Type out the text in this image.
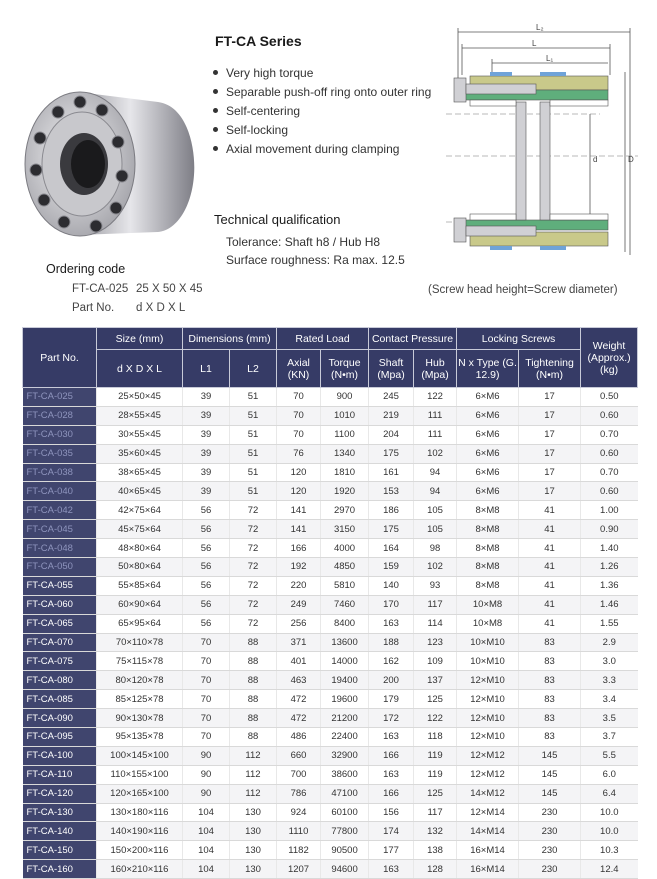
L₂
L
L₁
d	D
FT-CA Series
Very high torque
Separable push-off ring onto outer ring
Self-centering
Self-locking
Axial movement during clamping
Technical qualification
Tolerance: Shaft h8 / Hub H8
Surface roughness: Ra max. 12.5
Ordering code
FT-CA-025 25 X 50 X 45
Part No. d X D X L
(Screw head height=Screw diameter)
Part No.	Size (mm)	Dimensions (mm)		Rated Load		Contact Pressure		Locking Screws		Weight (Approx.) (kg)
	d X D X L	L1	L2	Axial (KN)	Torque (N•m)	Shaft (Mpa)	Hub (Mpa)	N x Type (G. 12.9)	Tightening (N•m)	
FT-CA-025	25×50×45	39	51	70	900	245	122	6×M6	17	0.50
FT-CA-028	28×55×45	39	51	70	1010	219	111	6×M6	17	0.60
FT-CA-030	30×55×45	39	51	70	1100	204	111	6×M6	17	0.70
FT-CA-035	35×60×45	39	51	76	1340	175	102	6×M6	17	0.60
FT-CA-038	38×65×45	39	51	120	1810	161	94	6×M6	17	0.70
FT-CA-040	40×65×45	39	51	120	1920	153	94	6×M6	17	0.60
FT-CA-042	42×75×64	56	72	141	2970	186	105	8×M8	41	1.00
FT-CA-045	45×75×64	56	72	141	3150	175	105	8×M8	41	0.90
FT-CA-048	48×80×64	56	72	166	4000	164	98	8×M8	41	1.40
FT-CA-050	50×80×64	56	72	192	4850	159	102	8×M8	41	1.26
FT-CA-055	55×85×64	56	72	220	5810	140	93	8×M8	41	1.36
FT-CA-060	60×90×64	56	72	249	7460	170	117	10×M8	41	1.46
FT-CA-065	65×95×64	56	72	256	8400	163	114	10×M8	41	1.55
FT-CA-070	70×110×78	70	88	371	13600	188	123	10×M10	83	2.9
FT-CA-075	75×115×78	70	88	401	14000	162	109	10×M10	83	3.0
FT-CA-080	80×120×78	70	88	463	19400	200	137	12×M10	83	3.3
FT-CA-085	85×125×78	70	88	472	19600	179	125	12×M10	83	3.4
FT-CA-090	90×130×78	70	88	472	21200	172	122	12×M10	83	3.5
FT-CA-095	95×135×78	70	88	486	22400	163	118	12×M10	83	3.7
FT-CA-100	100×145×100	90	112	660	32900	166	119	12×M12	145	5.5
FT-CA-110	110×155×100	90	112	700	38600	163	119	12×M12	145	6.0
FT-CA-120	120×165×100	90	112	786	47100	166	125	14×M12	145	6.4
FT-CA-130	130×180×116	104	130	924	60100	156	117	12×M14	230	10.0
FT-CA-140	140×190×116	104	130	1110	77800	174	132	14×M14	230	10.0
FT-CA-150	150×200×116	104	130	1182	90500	177	138	16×M14	230	10.3
FT-CA-160	160×210×116	104	130	1207	94600	163	128	16×M14	230	12.4
